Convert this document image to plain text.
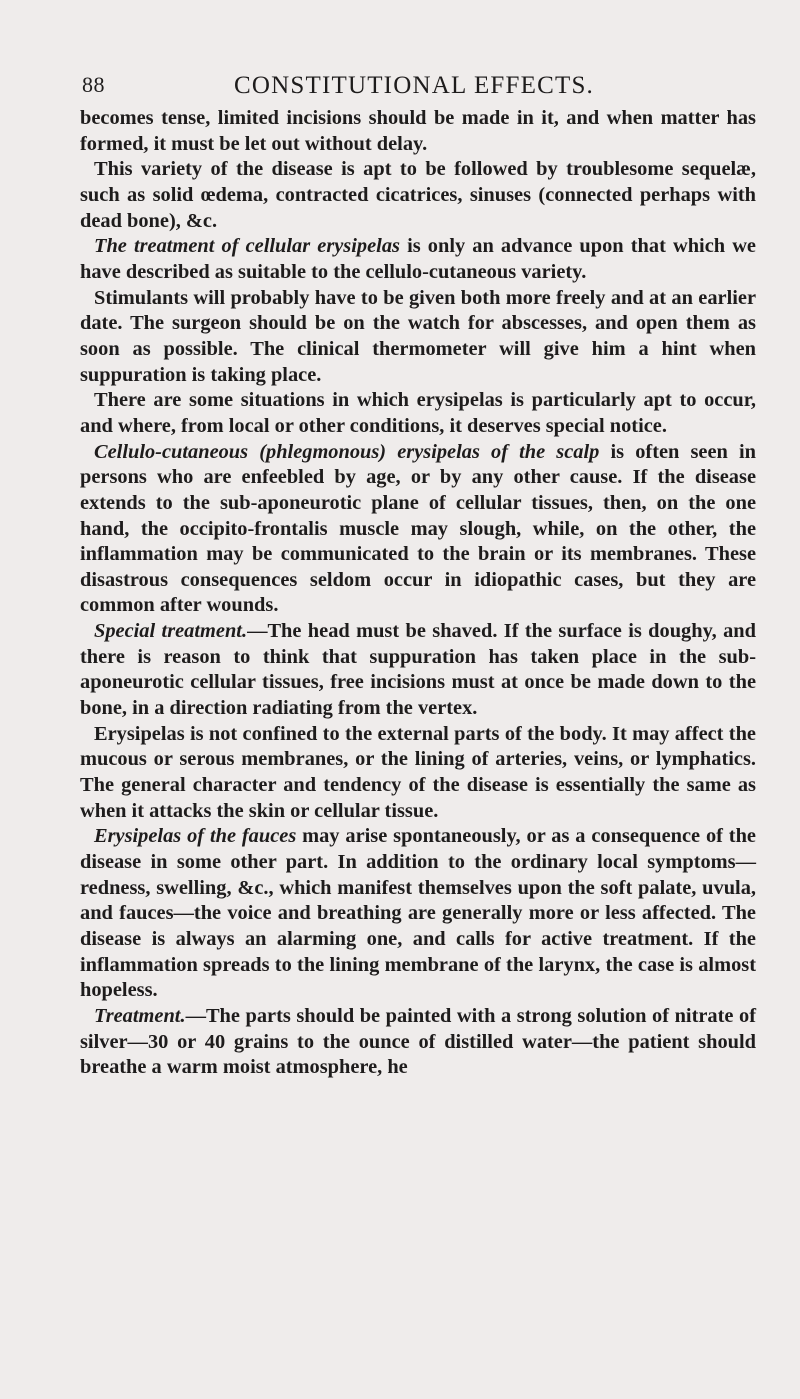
88	CONSTITUTIONAL EFFECTS.

becomes tense, limited incisions should be made in it, and when matter has formed, it must be let out without delay.

This variety of the disease is apt to be followed by troublesome sequelæ, such as solid œdema, contracted cicatrices, sinuses (connected perhaps with dead bone), &c.

The treatment of cellular erysipelas is only an advance upon that which we have described as suitable to the cellulo-cutaneous variety.

Stimulants will probably have to be given both more freely and at an earlier date. The surgeon should be on the watch for abscesses, and open them as soon as possible. The clinical thermometer will give him a hint when suppuration is taking place.

There are some situations in which erysipelas is particularly apt to occur, and where, from local or other conditions, it deserves special notice.

Cellulo-cutaneous (phlegmonous) erysipelas of the scalp is often seen in persons who are enfeebled by age, or by any other cause. If the disease extends to the sub-aponeurotic plane of cellular tissues, then, on the one hand, the occipito-frontalis muscle may slough, while, on the other, the inflammation may be communicated to the brain or its membranes. These disastrous consequences seldom occur in idiopathic cases, but they are common after wounds.

Special treatment.—The head must be shaved. If the surface is doughy, and there is reason to think that suppuration has taken place in the sub-aponeurotic cellular tissues, free incisions must at once be made down to the bone, in a direction radiating from the vertex.

Erysipelas is not confined to the external parts of the body. It may affect the mucous or serous membranes, or the lining of arteries, veins, or lymphatics. The general character and tendency of the disease is essentially the same as when it attacks the skin or cellular tissue.

Erysipelas of the fauces may arise spontaneously, or as a consequence of the disease in some other part. In addition to the ordinary local symptoms—redness, swelling, &c., which manifest themselves upon the soft palate, uvula, and fauces—the voice and breathing are generally more or less affected. The disease is always an alarming one, and calls for active treatment. If the inflammation spreads to the lining membrane of the larynx, the case is almost hopeless.

Treatment.—The parts should be painted with a strong solution of nitrate of silver—30 or 40 grains to the ounce of distilled water—the patient should breathe a warm moist atmosphere, he
